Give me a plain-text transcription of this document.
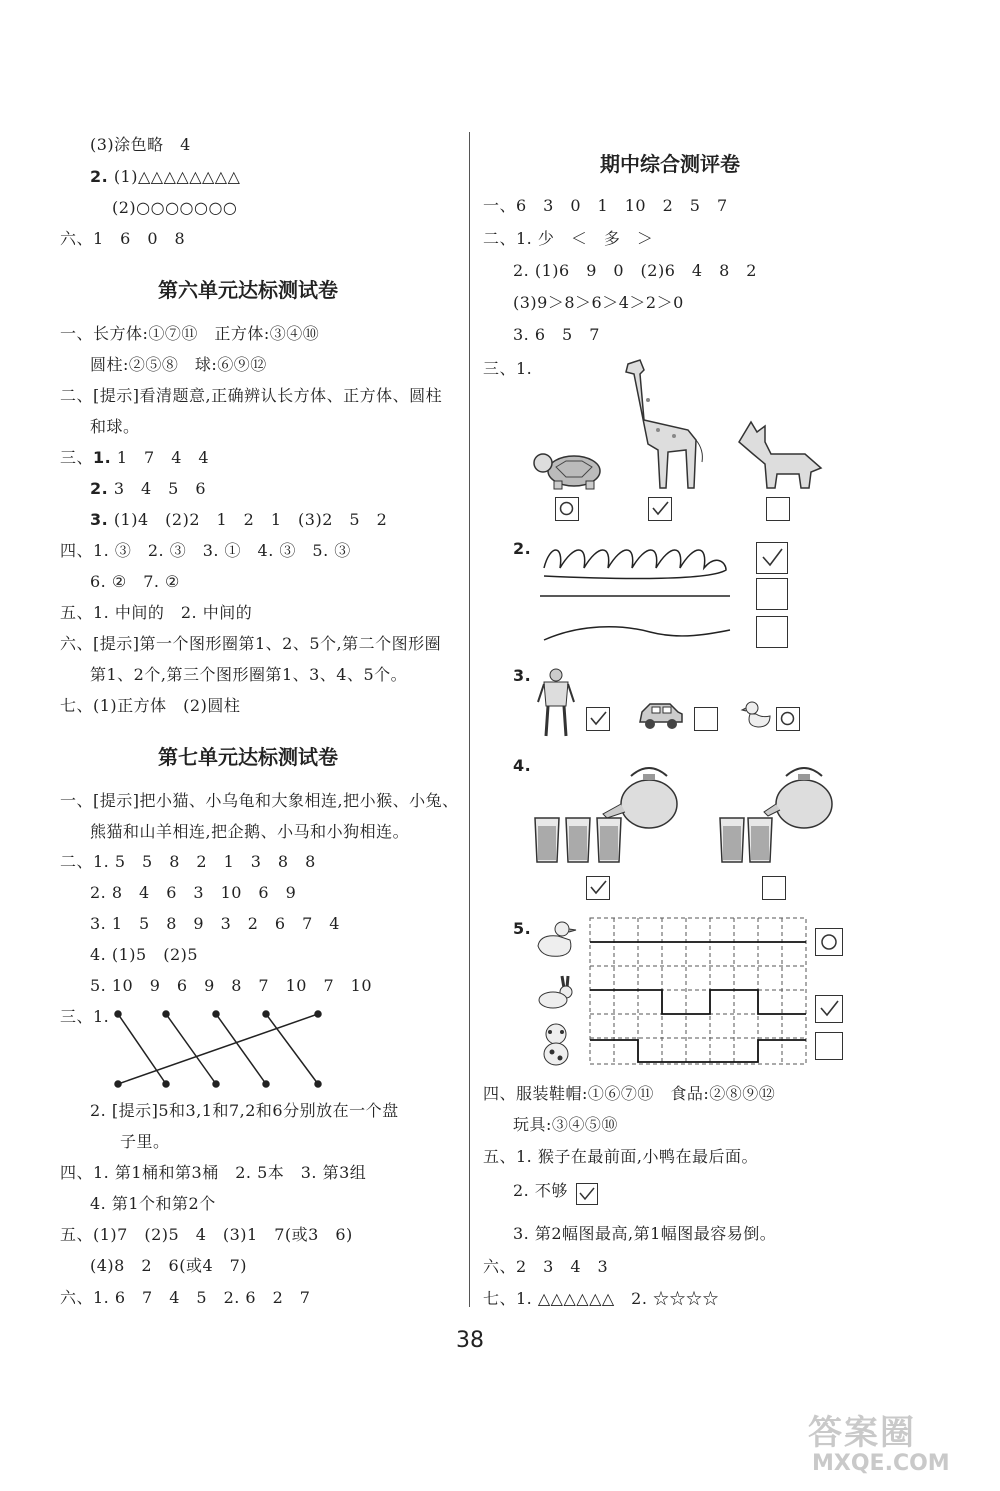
(3)涂色略　4
2. (1)△△△△△△△△
(2)○○○○○○○
六、1　6　0　8
第六单元达标测试卷
一、长方体:①⑦⑪　正方体:③④⑩
圆柱:②⑤⑧　球:⑥⑨⑫
二、[提示]看清题意,正确辨认长方体、正方体、圆柱
和球。
三、1. 1　7　4　4
2. 3　4　5　6
3. (1)4　(2)2　1　2　1　(3)2　5　2
四、1. ③　2. ③　3. ①　4. ③　5. ③
6. ②　7. ②
五、1. 中间的　2. 中间的
六、[提示]第一个图形圈第1、2、5个,第二个图形圈
第1、2个,第三个图形圈第1、3、4、5个。
七、(1)正方体　(2)圆柱
第七单元达标测试卷
一、[提示]把小猫、小乌龟和大象相连,把小猴、小兔、
熊猫和山羊相连,把企鹅、小马和小狗相连。
二、1. 5　5　8　2　1　3　8　8
2. 8　4　6　3　10　6　9
3. 1　5　8　9　3　2　6　7　4
4. (1)5　(2)5
5. 10　9　6　9　8　7　10　7　10
三、1.
2. [提示]5和3,1和7,2和6分别放在一个盘
子里。
四、1. 第1桶和第3桶　2. 5本　3. 第3组
4. 第1个和第2个
五、(1)7　(2)5　4　(3)1　7(或3　6)
(4)8　2　6(或4　7)
六、1. 6　7　4　5　2. 6　2　7
期中综合测评卷
一、6　3　0　1　10　2　5　7
二、1. 少　＜　多　＞
2. (1)6　9　0　(2)6　4　8　2
(3)9＞8＞6＞4＞2＞0
3. 6　5　7
三、1.
2.
3.
4.
5.
四、服装鞋帽:①⑥⑦⑪　食品:②⑧⑨⑫
玩具:③④⑤⑩
五、1. 猴子在最前面,小鸭在最后面。
2. 不够
3. 第2幅图最高,第1幅图最容易倒。
六、2　3　4　3
七、1. △△△△△△　2. ☆☆☆☆
38
答案圈
MXQE.COM
